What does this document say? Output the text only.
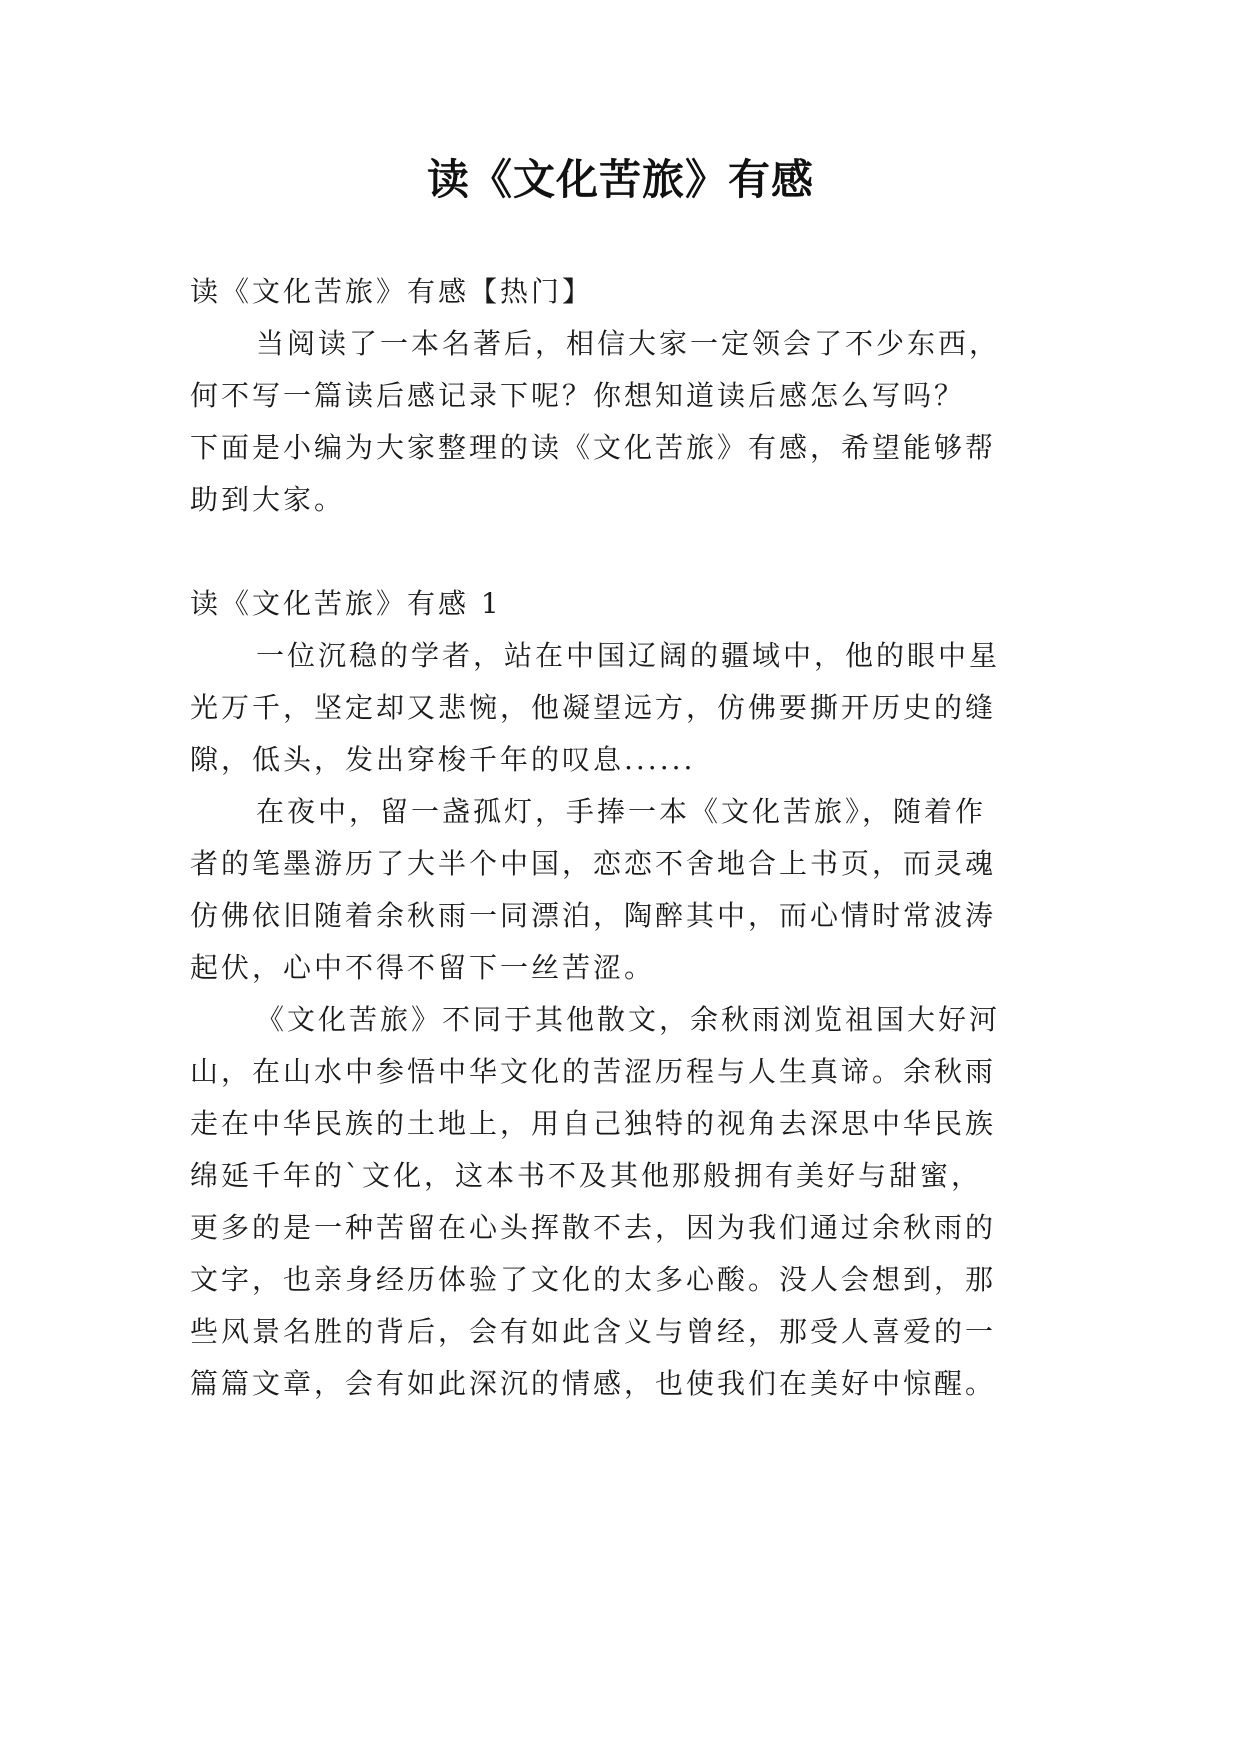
读《文化苦旅》有感
读《文化苦旅》有感【热门】
当阅读了一本名著后，相信大家一定领会了不少东西，
何不写一篇读后感记录下呢？你想知道读后感怎么写吗？
下面是小编为大家整理的读《文化苦旅》有感，希望能够帮
助到大家。
读《文化苦旅》有感 1
一位沉稳的学者，站在中国辽阔的疆域中，他的眼中星
光万千，坚定却又悲惋，他凝望远方，仿佛要撕开历史的缝
隙，低头，发出穿梭千年的叹息......
在夜中，留一盏孤灯，手捧一本《文化苦旅》，随着作
者的笔墨游历了大半个中国，恋恋不舍地合上书页，而灵魂
仿佛依旧随着余秋雨一同漂泊，陶醉其中，而心情时常波涛
起伏，心中不得不留下一丝苦涩。
《文化苦旅》不同于其他散文，余秋雨浏览祖国大好河
山，在山水中参悟中华文化的苦涩历程与人生真谛。余秋雨
走在中华民族的土地上，用自己独特的视角去深思中华民族
绵延千年的`文化，这本书不及其他那般拥有美好与甜蜜，
更多的是一种苦留在心头挥散不去，因为我们通过余秋雨的
文字，也亲身经历体验了文化的太多心酸。没人会想到，那
些风景名胜的背后，会有如此含义与曾经，那受人喜爱的一
篇篇文章，会有如此深沉的情感，也使我们在美好中惊醒。
